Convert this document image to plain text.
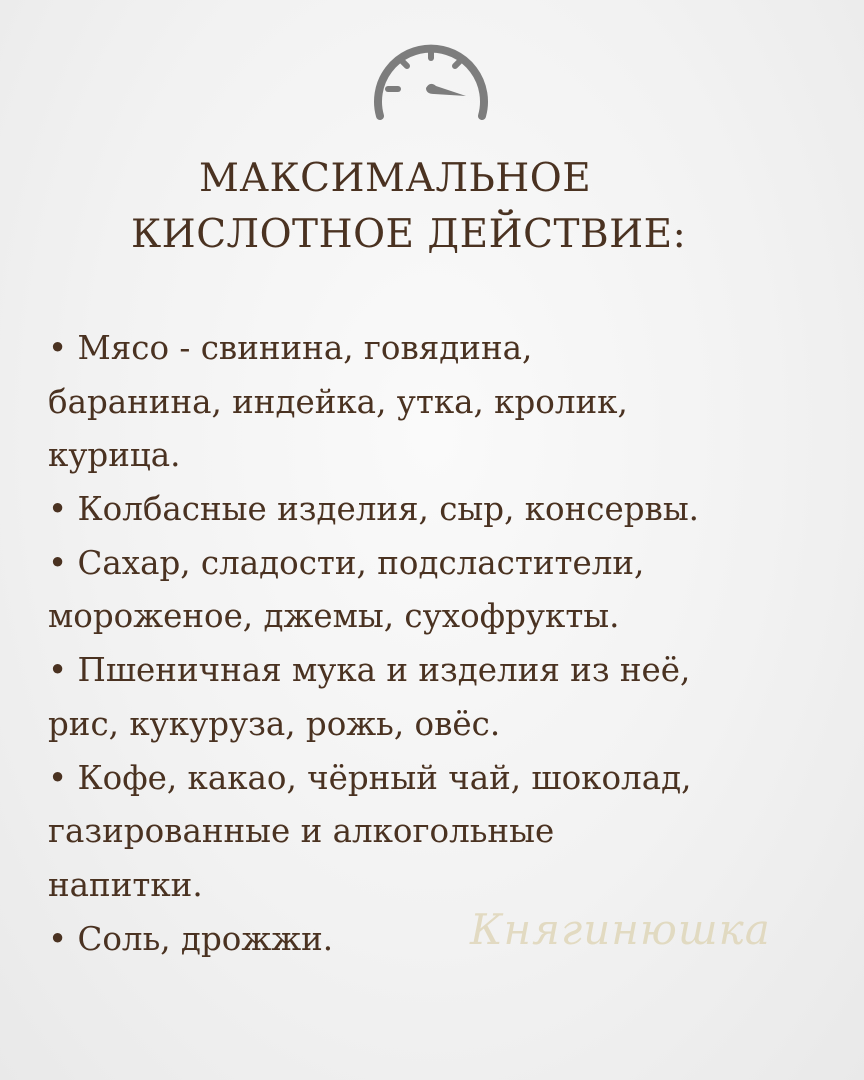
МАКСИМАЛЬНОЕ
КИСЛОТНОЕ ДЕЙСТВИЕ:
• Мясо - свинина, говядина,
баранина, индейка, утка, кролик,
курица.
• Колбасные изделия, сыр, консервы.
• Сахар, сладости, подсластители,
мороженое, джемы, сухофрукты.
• Пшеничная мука и изделия из неё,
рис, кукуруза, рожь, овёс.
• Кофе, какао, чёрный чай, шоколад,
газированные и алкогольные
напитки.
• Соль, дрожжи.	Княгинюшка
